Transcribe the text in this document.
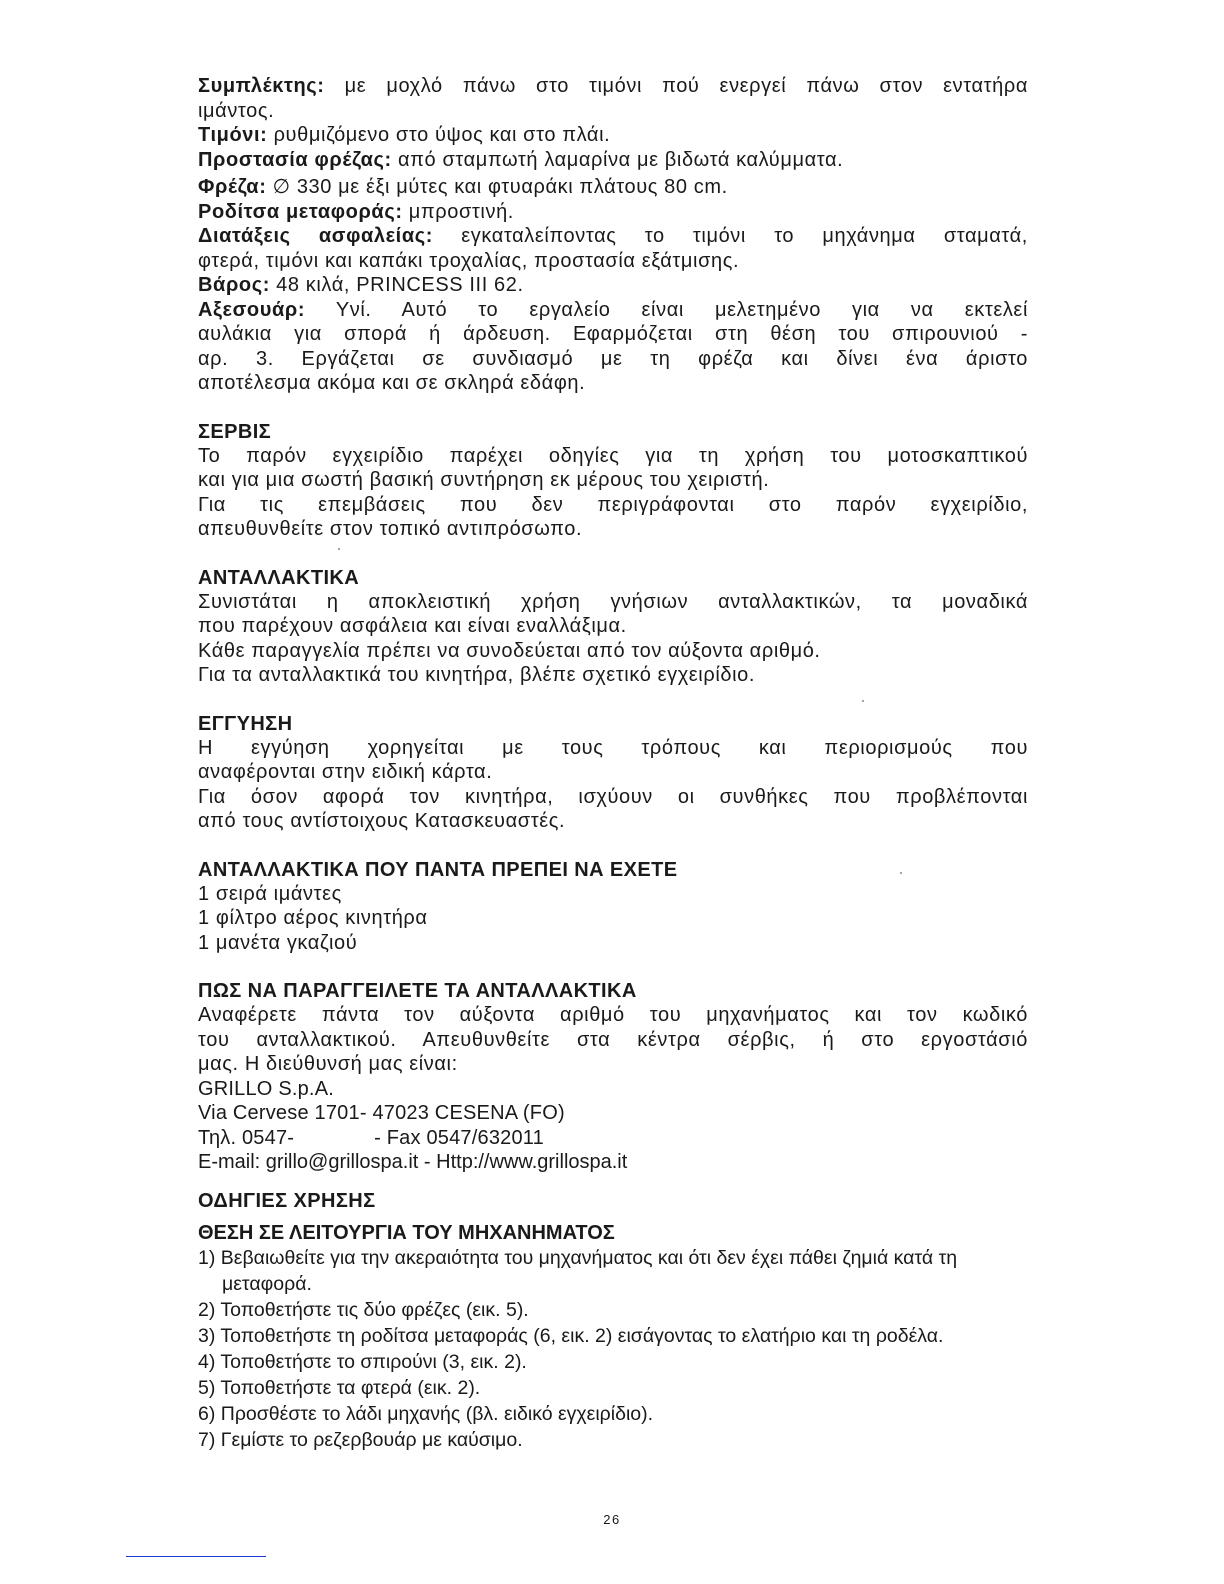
Συμπλέκτης: με μοχλό πάνω στο τιμόνι πού ενεργεί πάνω στον εντατήρα

ιμάντος.

Τιμόνι: ρυθμιζόμενο στο ύψος και στο πλάι.

Προστασία φρέζας: από σταμπωτή λαμαρίνα με βιδωτά καλύμματα.

Φρέζα: ∅ 330 με έξι μύτες και φτυαράκι πλάτους 80 cm.

Ροδίτσα μεταφοράς: μπροστινή.

Διατάξεις ασφαλείας: εγκαταλείποντας το τιμόνι το μηχάνημα σταματά,

φτερά, τιμόνι και καπάκι τροχαλίας, προστασία εξάτμισης.

Βάρος: 48 κιλά, PRINCESS III 62.

Αξεσουάρ: Υνί. Αυτό το εργαλείο είναι μελετημένο για να εκτελεί

αυλάκια για σπορά ή άρδευση. Εφαρμόζεται στη θέση του σπιρουνιού -

αρ. 3. Εργάζεται σε συνδιασμό με τη φρέζα και δίνει ένα άριστο

αποτέλεσμα ακόμα και σε σκληρά εδάφη.

ΣΕΡΒΙΣ

Το παρόν εγχειρίδιο παρέχει οδηγίες για τη χρήση του μοτοσκαπτικού

και για μια σωστή βασική συντήρηση εκ μέρους του χειριστή.

Για τις επεμβάσεις που δεν περιγράφονται στο παρόν εγχειρίδιο,

απευθυνθείτε στον τοπικό αντιπρόσωπο.

ΑΝΤΑΛΛΑΚΤΙΚΑ

Συνιστάται η αποκλειστική χρήση γνήσιων ανταλλακτικών, τα μοναδικά

που παρέχουν ασφάλεια και είναι εναλλάξιμα.

Κάθε παραγγελία πρέπει να συνοδεύεται από τον αύξοντα αριθμό.

Για τα ανταλλακτικά του κινητήρα, βλέπε σχετικό εγχειρίδιο.

ΕΓΓΥΗΣΗ

Η εγγύηση χορηγείται με τους τρόπους και περιορισμούς που

αναφέρονται στην ειδική κάρτα.

Για όσον αφορά τον κινητήρα, ισχύουν οι συνθήκες που προβλέπονται

από τους αντίστοιχους Κατασκευαστές.

ΑΝΤΑΛΛΑΚΤΙΚΑ ΠΟΥ ΠΑΝΤΑ ΠΡΕΠΕΙ ΝΑ ΕΧΕΤΕ

1 σειρά ιμάντες

1 φίλτρο αέρος κινητήρα

1 μανέτα γκαζιού

ΠΩΣ ΝΑ ΠΑΡΑΓΓΕΙΛΕΤΕ ΤΑ ΑΝΤΑΛΛΑΚΤΙΚΑ

Αναφέρετε πάντα τον αύξοντα αριθμό του μηχανήματος και τον κωδικό

του ανταλλακτικού. Απευθυνθείτε στα κέντρα σέρβις, ή στο εργοστάσιό

μας. Η διεύθυνσή μας είναι:

GRILLO S.p.A.

Via Cervese 1701- 47023 CESENA (FO)

Τηλ. 0547-	- Fax 0547/632011

E-mail: grillo@grillospa.it - Http://www.grillospa.it

ΟΔΗΓΙΕΣ ΧΡΗΣΗΣ

ΘΕΣΗ ΣΕ ΛΕΙΤΟΥΡΓΙΑ ΤΟΥ ΜΗΧΑΝΗΜΑΤΟΣ

1) Βεβαιωθείτε για την ακεραιότητα του μηχανήματος και ότι δεν έχει πάθει ζημιά κατά τη μεταφορά.
2) Τοποθετήστε τις δύο φρέζες (εικ. 5).
3) Τοποθετήστε τη ροδίτσα μεταφοράς (6, εικ. 2) εισάγοντας το ελατήριο και τη ροδέλα.
4) Τοποθετήστε το σπιρούνι (3, εικ. 2).
5) Τοποθετήστε τα φτερά (εικ. 2).
6) Προσθέστε το λάδι μηχανής (βλ. ειδικό εγχειρίδιο).
7) Γεμίστε το ρεζερβουάρ με καύσιμο.
26
